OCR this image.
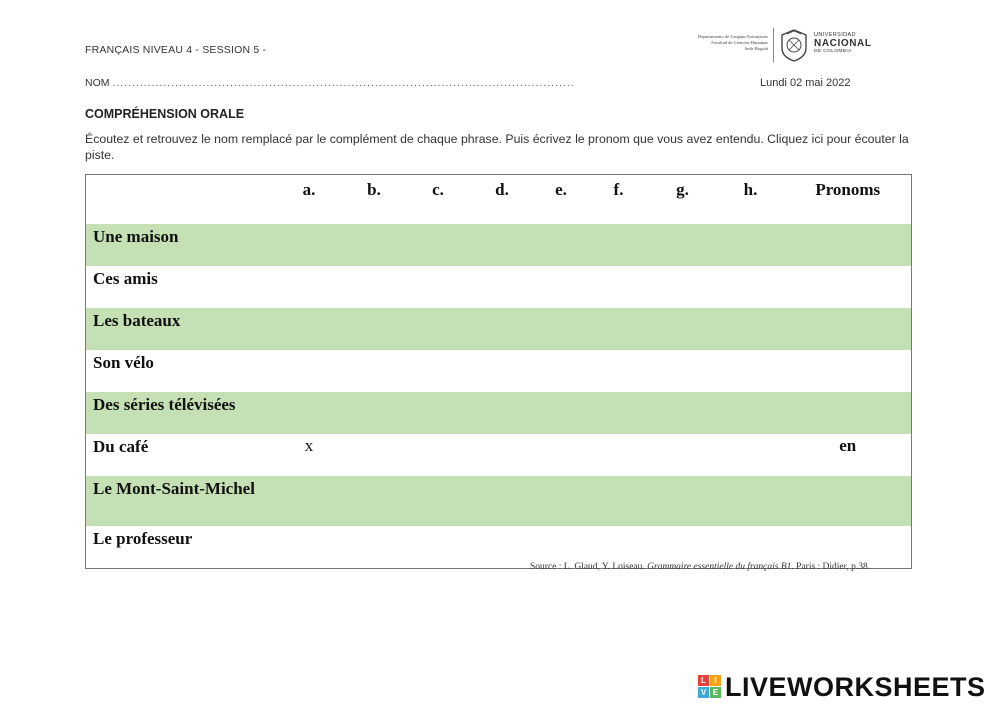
FRANÇAIS NIVEAU 4 - SESSION 5 -
Departamento de Lenguas Extranjeras
Facultad de Ciencias Humanas
Sede Bogotá
UNIVERSIDAD
NACIONAL
DE COLOMBIA
NOM ......................................................................................................................	Lundi 02 mai 2022
COMPRÉHENSION ORALE
Écoutez et retrouvez le nom remplacé par le complément de chaque phrase. Puis écrivez le pronom que vous avez entendu. Cliquez ici pour écouter la piste.
	a.	b.	c.	d.	e.	f.	g.	h.	Pronoms
Une maison									
Ces amis									
Les bateaux									
Son vélo									
Des séries télévisées									
Du café	x								en
Le Mont-Saint-Michel									
Le professeur									
Source : L. Glaud, Y. Loiseau. Grammaire essentielle du français B1. Paris : Didier, p.38.
L	I
V E LIVEWORKSHEETS
